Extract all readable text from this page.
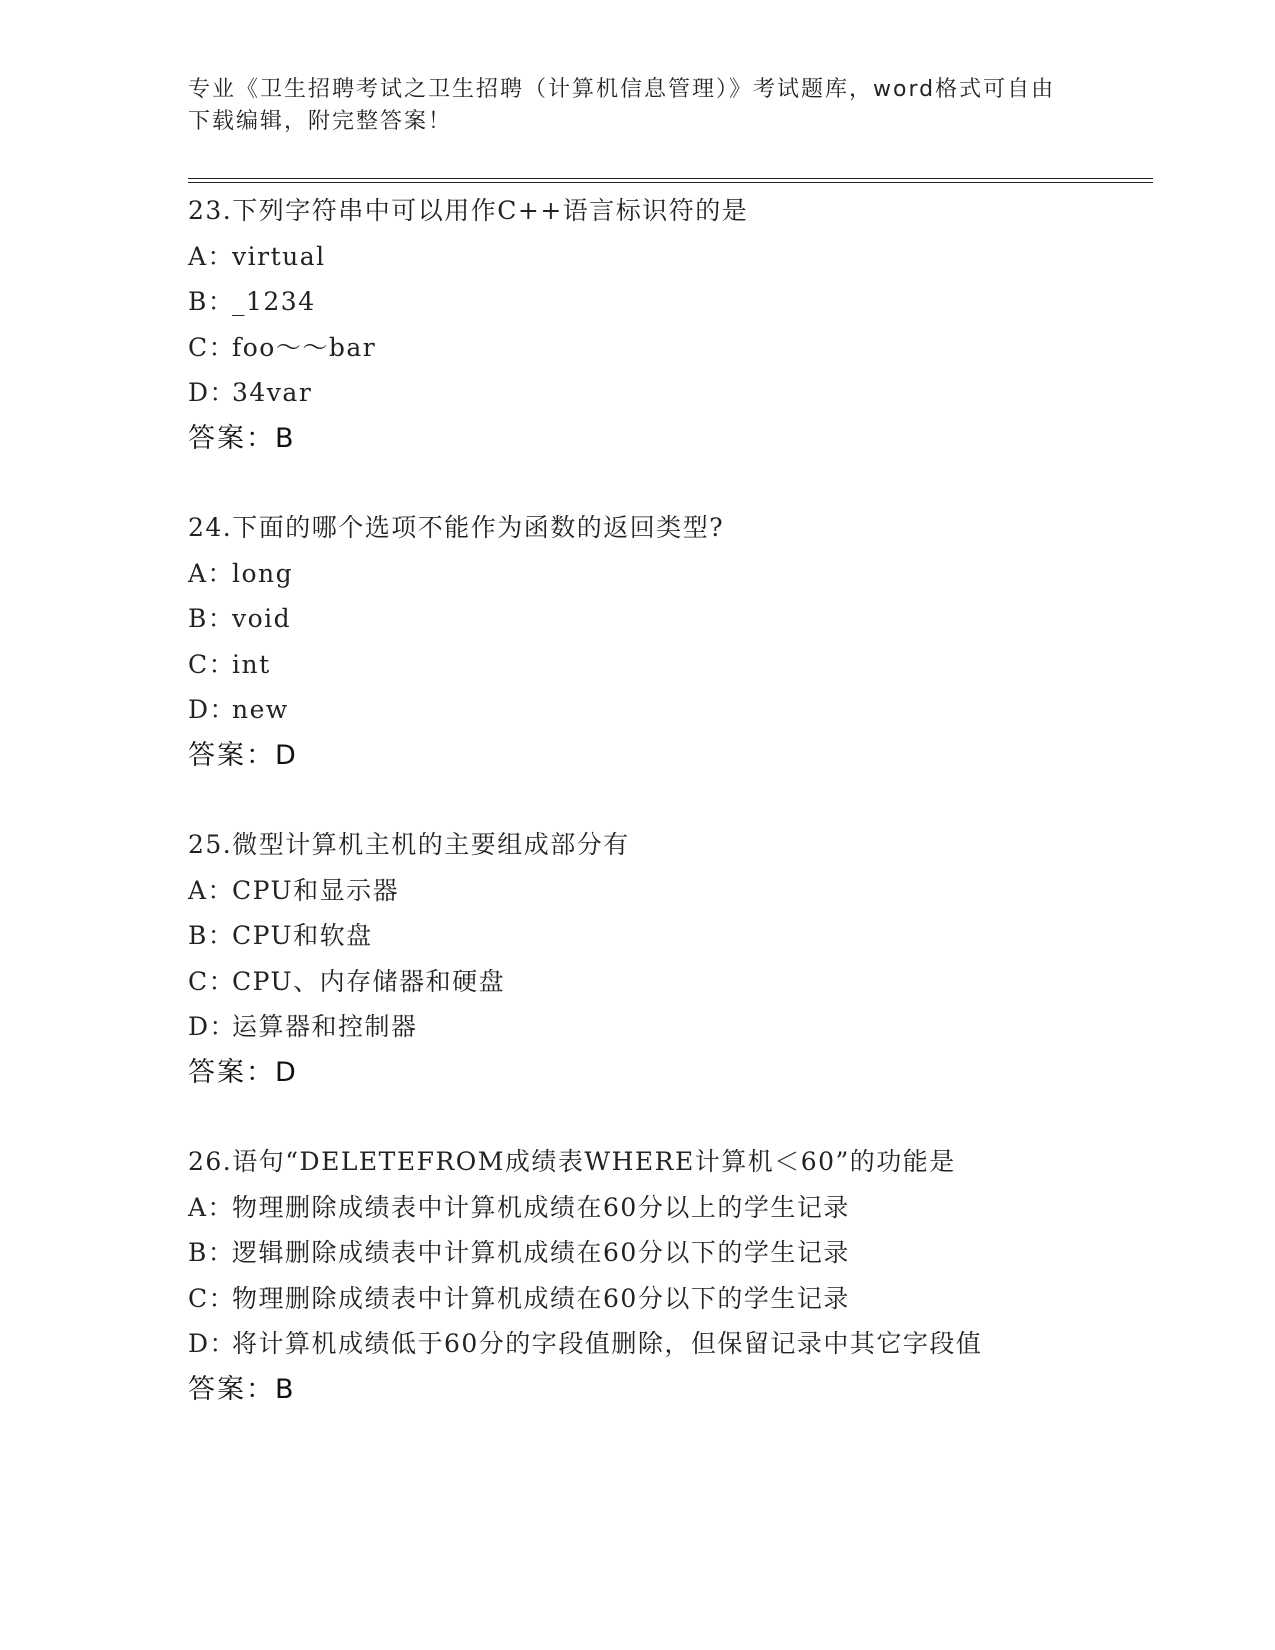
专业《卫生招聘考试之卫生招聘（计算机信息管理）》考试题库，word格式可自由下载编辑，附完整答案！
23.下列字符串中可以用作C++语言标识符的是
A：virtual
B：_1234
C：foo～～bar
D：34var
答案：B
24.下面的哪个选项不能作为函数的返回类型?
A：long
B：void
C：int
D：new
答案：D
25.微型计算机主机的主要组成部分有
A：CPU和显示器
B：CPU和软盘
C：CPU、内存储器和硬盘
D：运算器和控制器
答案：D
26.语句“DELETEFROM成绩表WHERE计算机＜60”的功能是
A：物理删除成绩表中计算机成绩在60分以上的学生记录
B：逻辑删除成绩表中计算机成绩在60分以下的学生记录
C：物理删除成绩表中计算机成绩在60分以下的学生记录
D：将计算机成绩低于60分的字段值删除，但保留记录中其它字段值
答案：B
